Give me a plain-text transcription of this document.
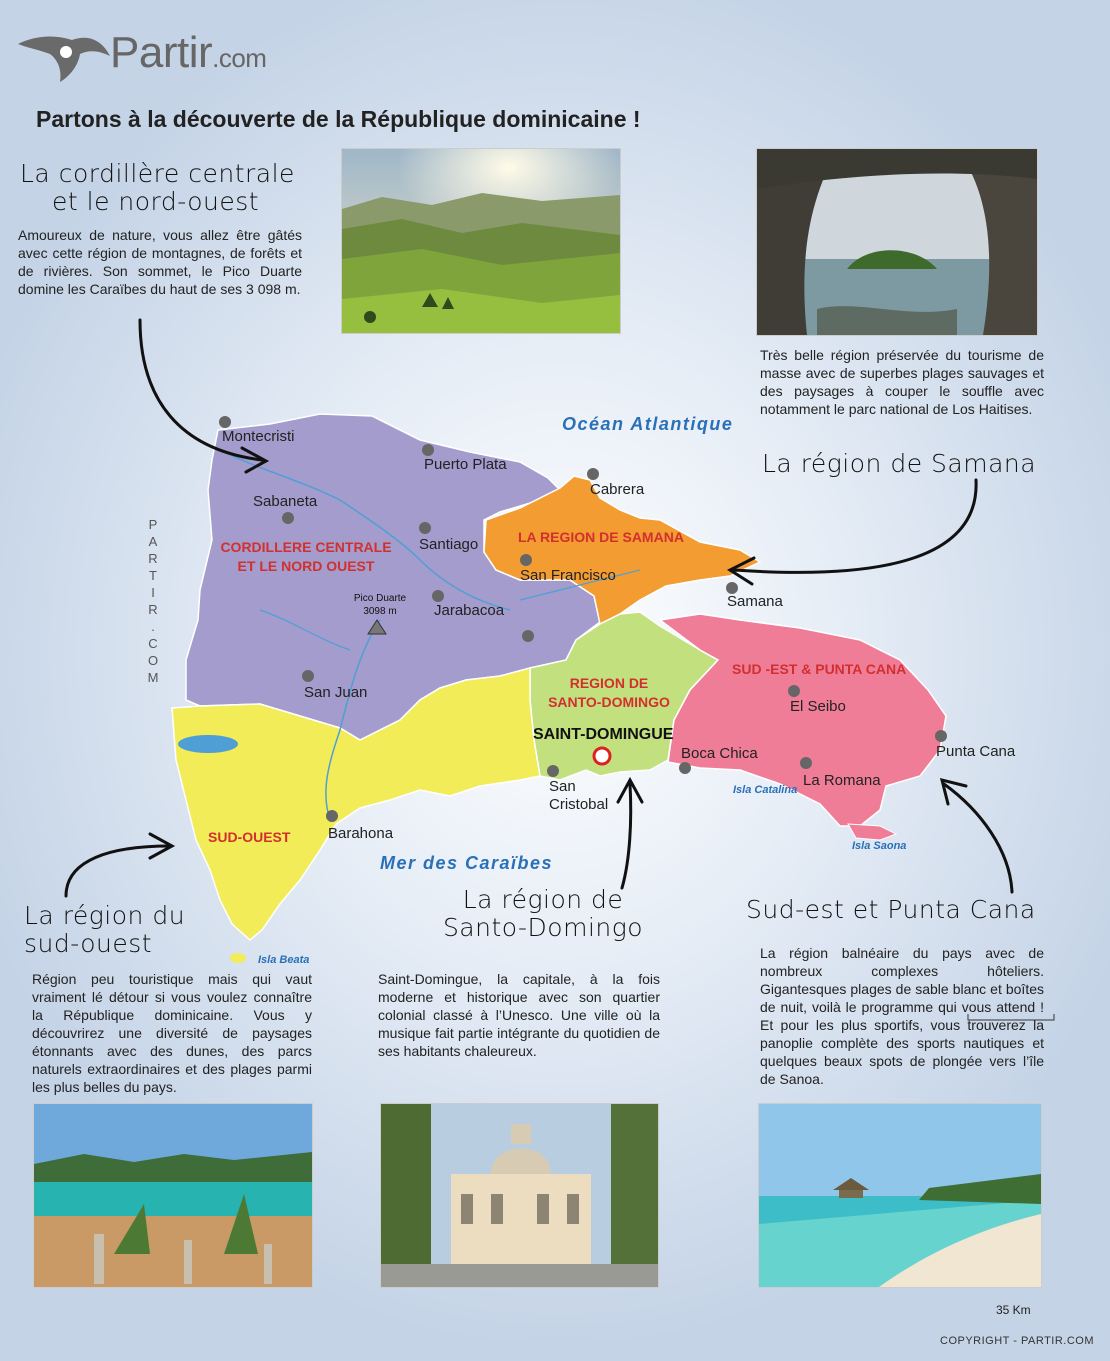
Partir.com
Partons à la découverte de la République dominicaine !
La cordillère centrale
et le nord-ouest
Amoureux de nature, vous allez être gâtés avec cette région de montagnes, de forêts et de rivières. Son sommet, le Pico Duarte domine les Caraïbes du haut de ses 3 098 m.
Très belle région préservée du tourisme de masse avec de superbes plages sauvages et des paysages à couper le souffle avec notamment le parc national de Los Haitises.
La région de Samana
La région du
sud-ouest
Région peu touristique mais qui vaut vraiment lé détour si vous voulez connaître la République dominicaine. Vous y découvrirez une diversité de paysages étonnants avec des dunes, des parcs naturels extraordinaires et des plages parmi les plus belles du pays.
La région de
Santo-Domingo
Saint-Domingue, la capitale, à la fois moderne et historique avec son quartier colonial classé à l’Unesco. Une ville où la musique fait partie intégrante du quotidien de ses habitants chaleureux.
Sud-est et Punta Cana
La région balnéaire du pays avec de nombreux complexes hôteliers. Gigantesques plages de sable blanc et boîtes de nuit, voilà le programme qui vous attend ! Et pour les plus sportifs, vous trouverez la panoplie complète des sports nautiques et quelques beaux spots de plongée vers l’île de Sanoa.
Montecristi
Puerto Plata
Cabrera
Sabaneta
Santiago
San Francisco
Samana
Jarabacoa
San Juan
El Seibo
Punta Cana
Boca Chica
La Romana
San
Cristobal
Barahona
SAINT-DOMINGUE
Pico Duarte
3098 m
CORDILLERE CENTRALE
ET LE NORD OUEST
LA REGION DE SAMANA
REGION DE
SANTO-DOMINGO
SUD -EST & PUNTA CANA
SUD-OUEST
Océan Atlantique
Mer des Caraïbes
Isla Catalina
Isla Saona
Isla Beata
P
A
R
T
I
R
.
C
O
M
35 Km
COPYRIGHT - PARTIR.COM
